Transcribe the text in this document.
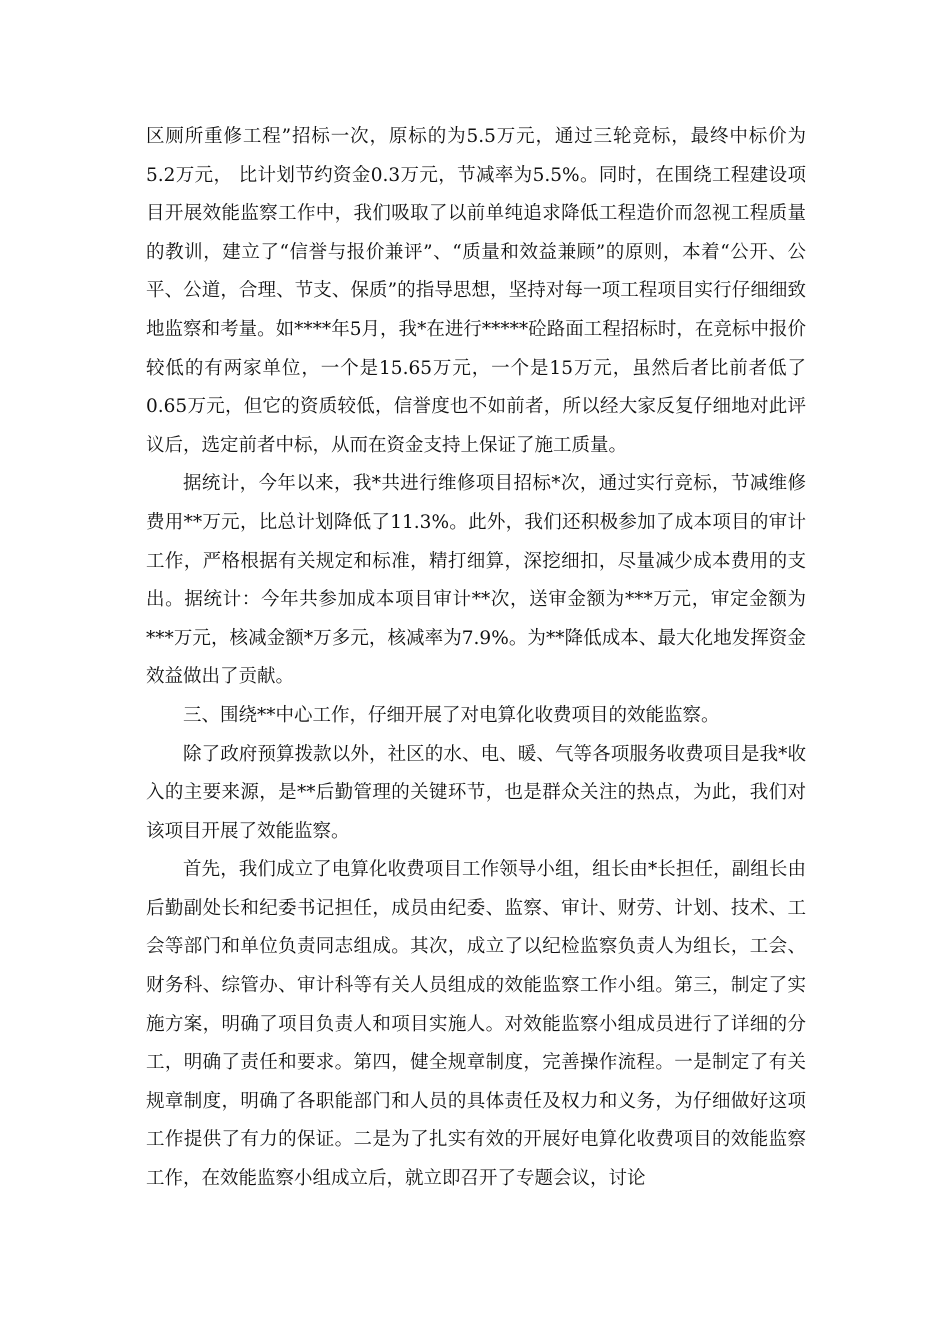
区厕所重修工程”招标一次，原标的为5.5万元，通过三轮竞标，最终中标价为5.2万元， 比计划节约资金0.3万元，节减率为5.5%。同时，在围绕工程建设项目开展效能监察工作中，我们吸取了以前单纯追求降低工程造价而忽视工程质量的教训，建立了“信誉与报价兼评”、“质量和效益兼顾”的原则，本着“公开、公平、公道，合理、节支、保质”的指导思想，坚持对每一项工程项目实行仔细细致地监察和考量。如****年5月，我*在进行*****砼路面工程招标时，在竞标中报价较低的有两家单位，一个是15.65万元，一个是15万元，虽然后者比前者低了0.65万元，但它的资质较低，信誉度也不如前者，所以经大家反复仔细地对此评议后，选定前者中标，从而在资金支持上保证了施工质量。

据统计，今年以来，我*共进行维修项目招标*次，通过实行竞标，节减维修费用**万元，比总计划降低了11.3%。此外，我们还积极参加了成本项目的审计工作，严格根据有关规定和标准，精打细算，深挖细扣，尽量减少成本费用的支出。据统计：今年共参加成本项目审计**次，送审金额为***万元，审定金额为***万元，核减金额*万多元，核减率为7.9%。为**降低成本、最大化地发挥资金效益做出了贡献。

三、围绕**中心工作，仔细开展了对电算化收费项目的效能监察。

除了政府预算拨款以外，社区的水、电、暖、气等各项服务收费项目是我*收入的主要来源，是**后勤管理的关键环节，也是群众关注的热点，为此，我们对该项目开展了效能监察。

首先，我们成立了电算化收费项目工作领导小组，组长由*长担任，副组长由后勤副处长和纪委书记担任，成员由纪委、监察、审计、财劳、计划、技术、工会等部门和单位负责同志组成。其次，成立了以纪检监察负责人为组长，工会、财务科、综管办、审计科等有关人员组成的效能监察工作小组。第三，制定了实施方案，明确了项目负责人和项目实施人。对效能监察小组成员进行了详细的分工，明确了责任和要求。第四，健全规章制度，完善操作流程。一是制定了有关规章制度，明确了各职能部门和人员的具体责任及权力和义务，为仔细做好这项工作提供了有力的保证。二是为了扎实有效的开展好电算化收费项目的效能监察工作，在效能监察小组成立后，就立即召开了专题会议，讨论
